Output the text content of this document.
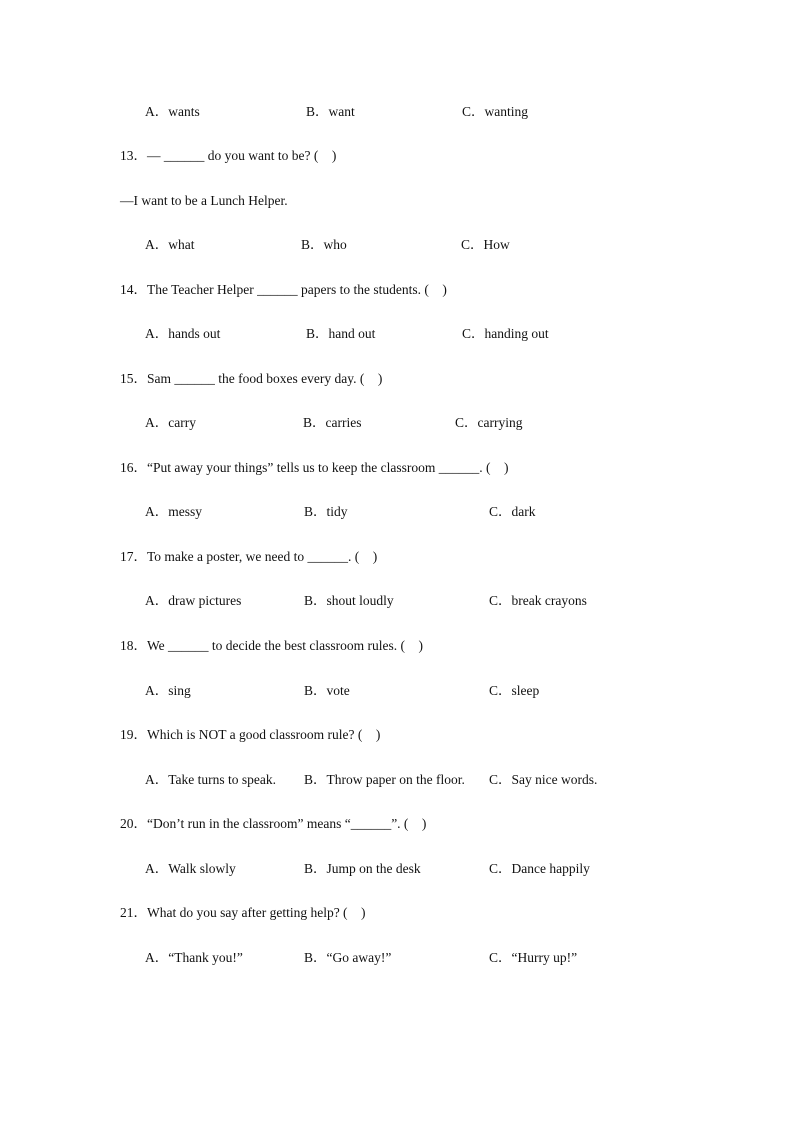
A．wants	B．want	C．wanting
13．— ______ do you want to be? (　)
—I want to be a Lunch Helper.
A．what	B．who	C．How
14．The Teacher Helper ______ papers to the students. (　)
A．hands out	B．hand out	C．handing out
15．Sam ______ the food boxes every day. (　)
A．carry	B．carries	C．carrying
16．“Put away your things” tells us to keep the classroom ______. (　)
A．messy	B．tidy	C．dark
17．To make a poster, we need to ______. (　)
A．draw pictures	B．shout loudly	C．break crayons
18．We ______ to decide the best classroom rules. (　)
A．sing	B．vote	C．sleep
19．Which is NOT a good classroom rule? (　)
A．Take turns to speak. B．Throw paper on the floor. C．Say nice words.
20．“Don’t run in the classroom” means “______”. (　)
A．Walk slowly	B．Jump on the desk	C．Dance happily
21．What do you say after getting help? (　)
A．“Thank you!”	B．“Go away!”	C．“Hurry up!”
